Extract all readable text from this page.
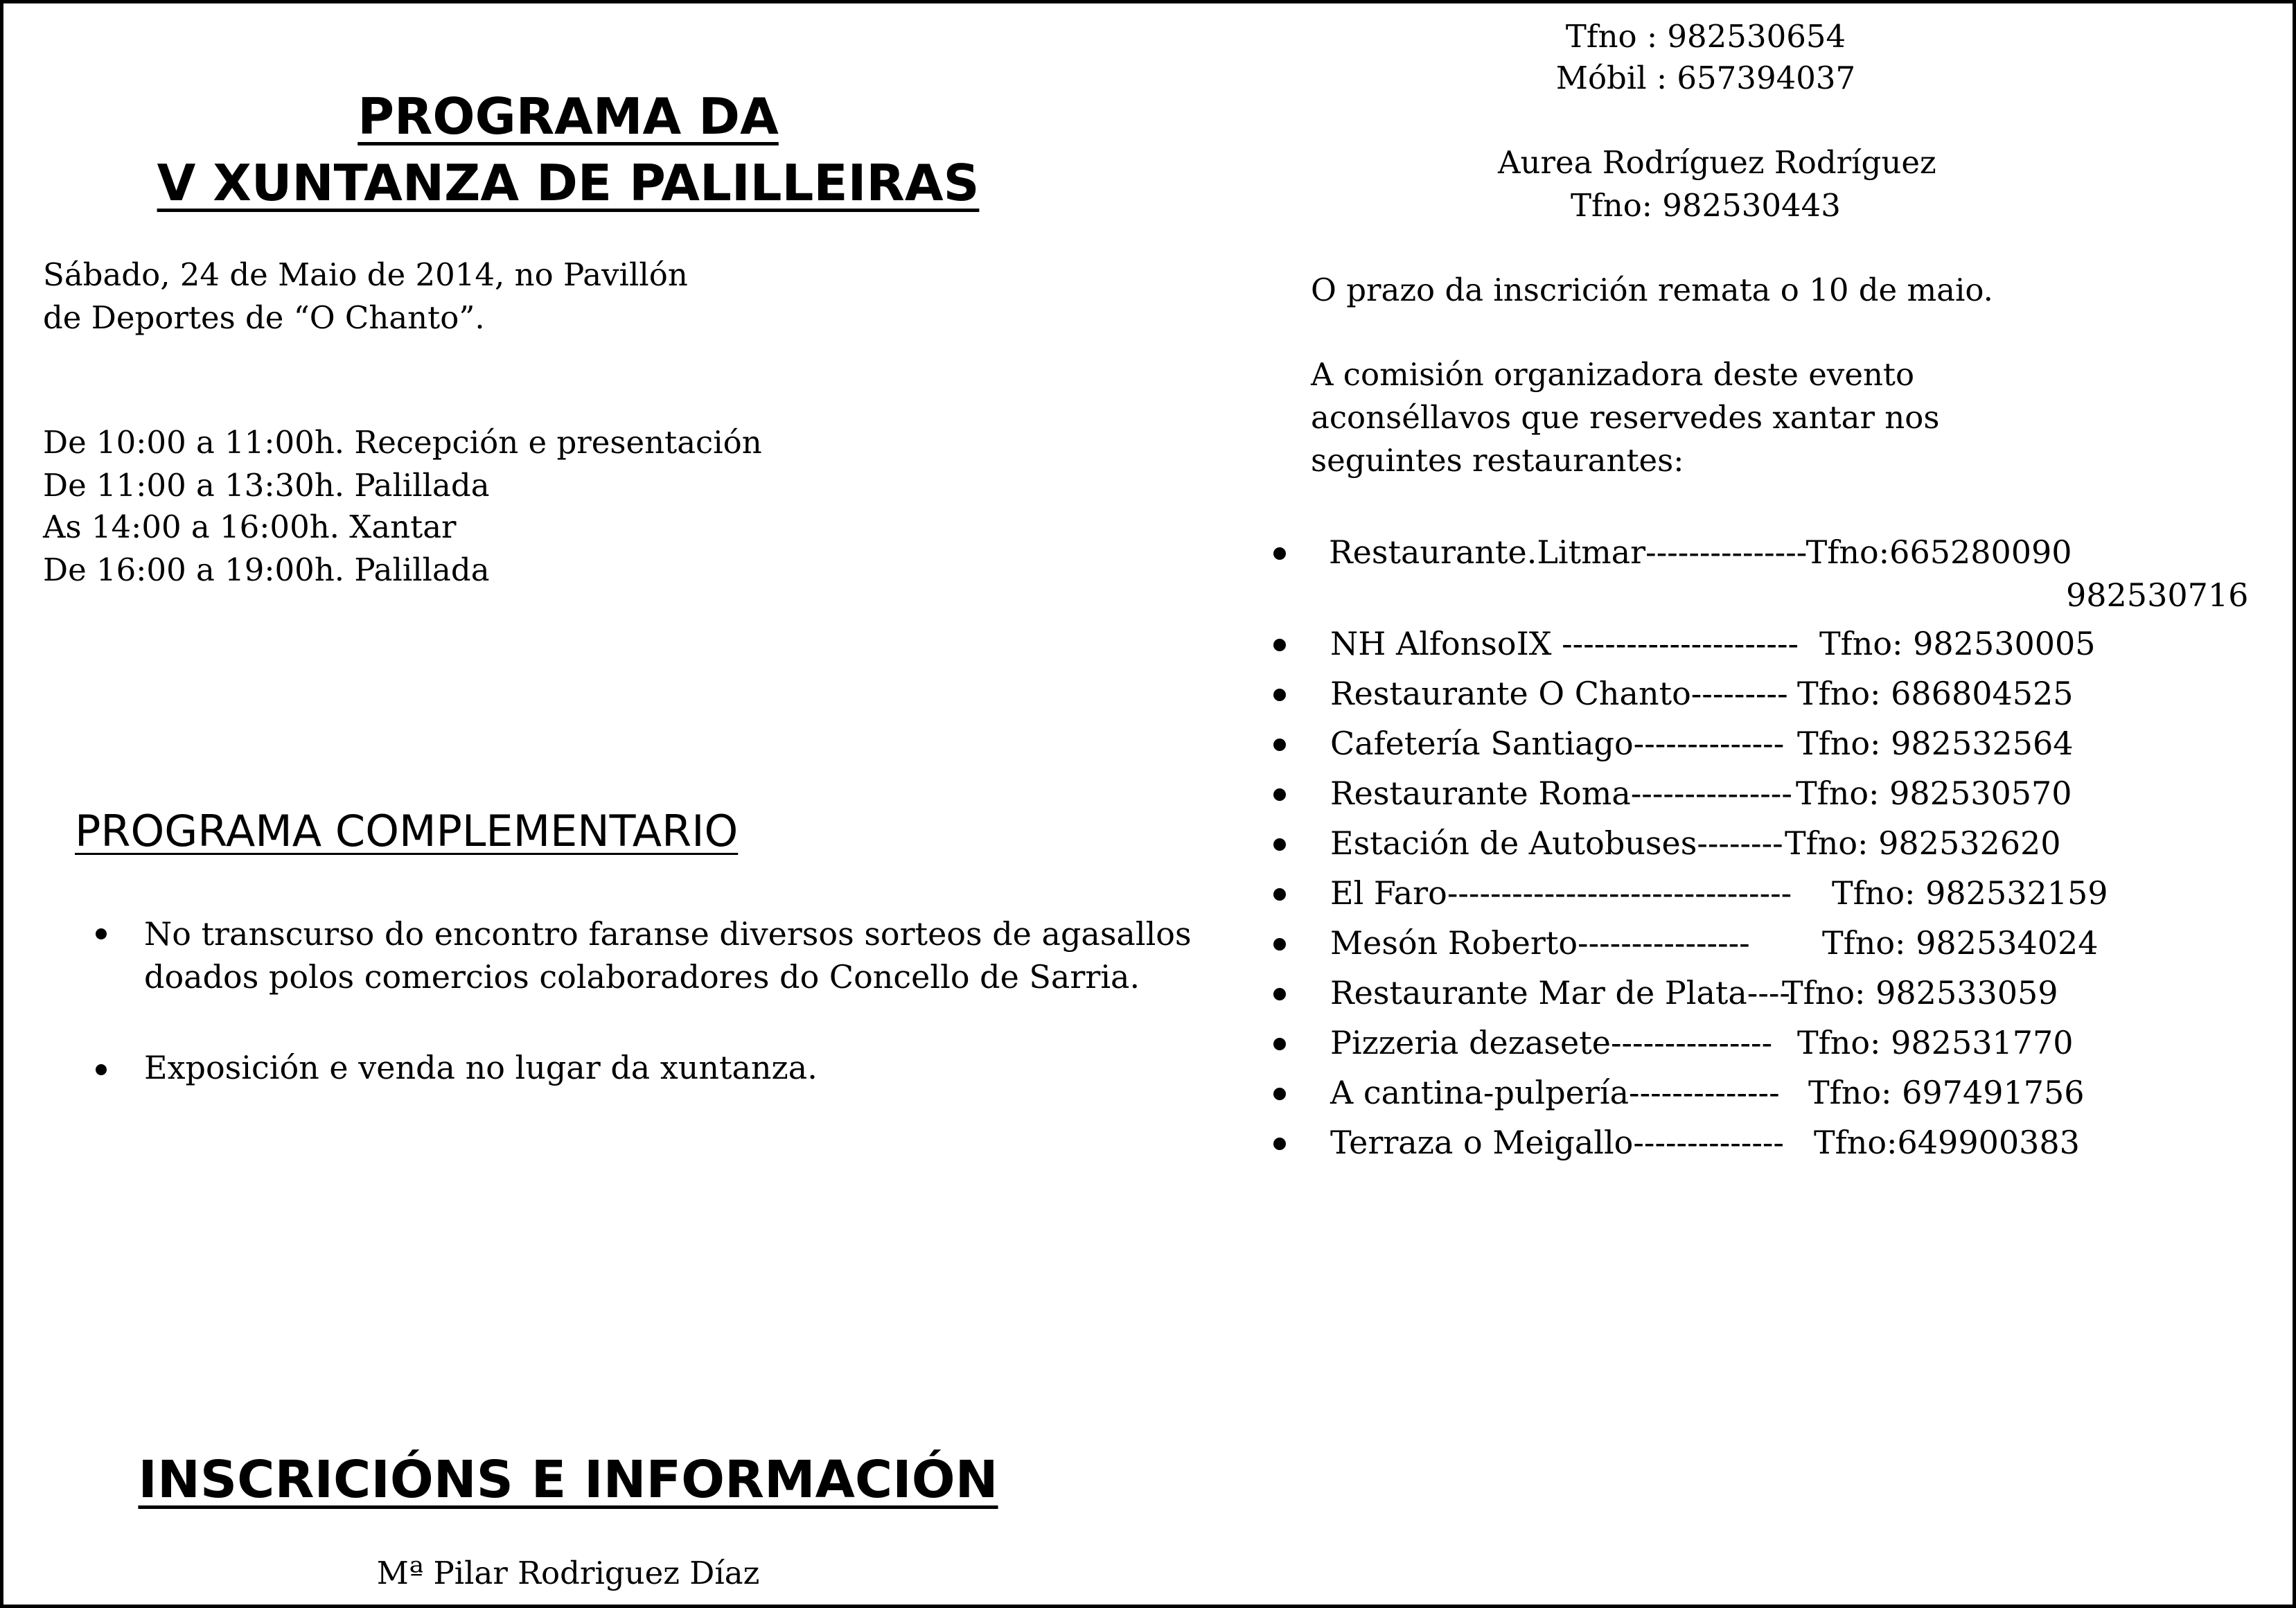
PROGRAMA DA
V XUNTANZA DE PALILLEIRAS
Sábado, 24 de Maio de 2014, no Pavillón
de Deportes de “O Chanto”.
De 10:00 a 11:00h. Recepción e presentación
De 11:00 a 13:30h. Palillada
As 14:00 a 16:00h. Xantar
De 16:00 a 19:00h. Palillada
PROGRAMA COMPLEMENTARIO
No transcurso do encontro faranse diversos sorteos de agasallos
doados polos comercios colaboradores do Concello de Sarria.
Exposición e venda no lugar da xuntanza.
INSCRICIÓNS E INFORMACIÓN
Mª Pilar Rodriguez Díaz
Tfno : 982530654
Móbil : 657394037
Aurea Rodríguez Rodríguez
Tfno: 982530443
O prazo da inscrición remata o 10 de maio.
A comisión organizadora deste evento
aconséllavos que reservedes xantar nos
seguintes restaurantes:
Restaurante.Litmar---------------Tfno:665280090
982530716
NH AlfonsoIX ---------------------- Tfno: 982530005
Restaurante O Chanto--------- Tfno: 686804525
Cafetería Santiago-------------- Tfno: 982532564
Restaurante Roma--------------- Tfno: 982530570
Estación de Autobuses-------- Tfno: 982532620
El Faro-------------------------------- Tfno: 982532159
Mesón Roberto---------------- Tfno: 982534024
Restaurante Mar de Plata----
Tfno: 982533059
Pizzeria dezasete--------------- Tfno: 982531770
A cantina-pulpería-------------- Tfno: 697491756
Terraza o Meigallo-------------- Tfno:649900383
